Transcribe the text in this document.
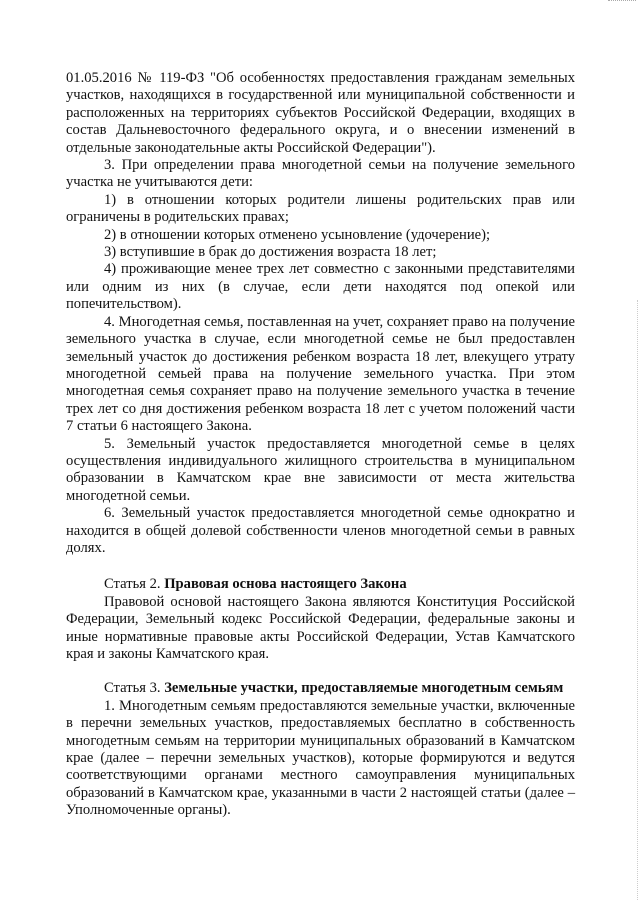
01.05.2016 № 119-ФЗ "Об особенностях предоставления гражданам земельных участков, находящихся в государственной или муниципальной собственности и расположенных на территориях субъектов Российской Федерации, входящих в состав Дальневосточного федерального округа, и о внесении изменений в отдельные законодательные акты Российской Федерации").

3. При определении права многодетной семьи на получение земельного участка не учитываются дети:

1) в отношении которых родители лишены родительских прав или ограничены в родительских правах;

2) в отношении которых отменено усыновление (удочерение);

3) вступившие в брак до достижения возраста 18 лет;

4) проживающие менее трех лет совместно с законными представителями или одним из них (в случае, если дети находятся под опекой или попечительством).

4. Многодетная семья, поставленная на учет, сохраняет право на получение земельного участка в случае, если многодетной семье не был предоставлен земельный участок до достижения ребенком возраста 18 лет, влекущего утрату многодетной семьей права на получение земельного участка. При этом многодетная семья сохраняет право на получение земельного участка в течение трех лет со дня достижения ребенком возраста 18 лет с учетом положений части 7 статьи 6 настоящего Закона.

5. Земельный участок предоставляется многодетной семье в целях осуществления индивидуального жилищного строительства в муниципальном образовании в Камчатском крае вне зависимости от места жительства многодетной семьи.

6. Земельный участок предоставляется многодетной семье однократно и находится в общей долевой собственности членов многодетной семьи в равных долях.

Статья 2. Правовая основа настоящего Закона

Правовой основой настоящего Закона являются Конституция Российской Федерации, Земельный кодекс Российской Федерации, федеральные законы и иные нормативные правовые акты Российской Федерации, Устав Камчатского края и законы Камчатского края.

Статья 3. Земельные участки, предоставляемые многодетным семьям

1. Многодетным семьям предоставляются земельные участки, включенные в перечни земельных участков, предоставляемых бесплатно в собственность многодетным семьям на территории муниципальных образований в Камчатском крае (далее – перечни земельных участков), которые формируются и ведутся соответствующими органами местного самоуправления муниципальных образований в Камчатском крае, указанными в части 2 настоящей статьи (далее – Уполномоченные органы).
